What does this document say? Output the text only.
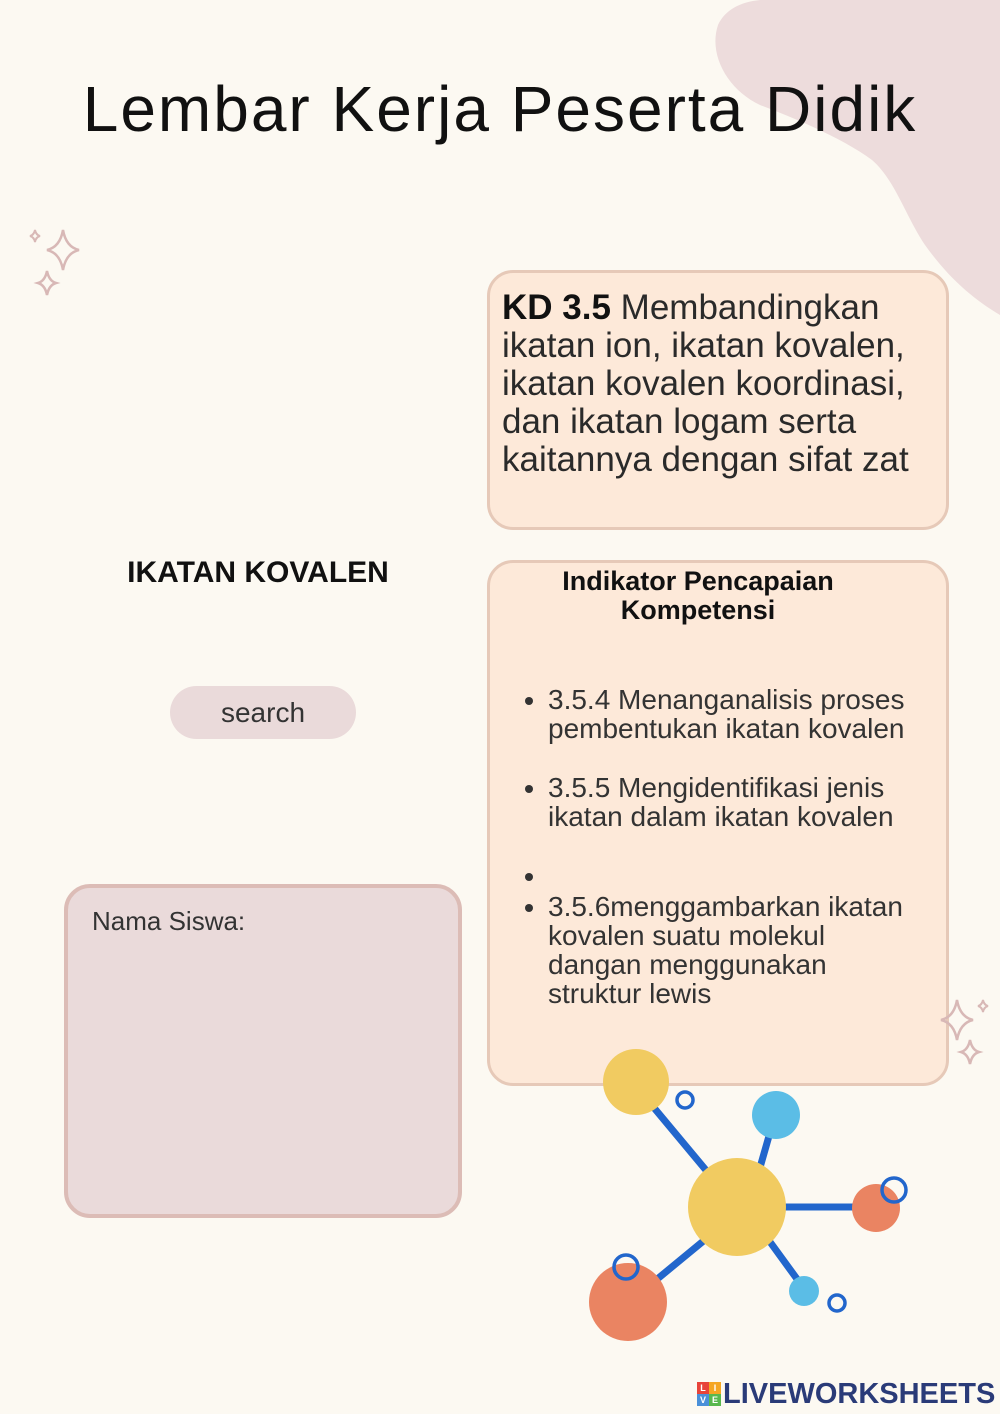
Lembar Kerja Peserta Didik
KD 3.5 Membandingkan ikatan ion, ikatan kovalen, ikatan kovalen koordinasi, dan ikatan logam serta kaitannya dengan sifat zat
IKATAN KOVALEN
search
Nama Siswa:
Indikator Pencapaian Kompetensi
• 3.5.4 Menanganalisis proses pembentukan ikatan kovalen
• 3.5.5 Mengidentifikasi jenis ikatan dalam ikatan kovalen
•
• 3.5.6menggambarkan ikatan kovalen suatu molekul dangan menggunakan struktur lewis
L I
V E LIVEWORKSHEETS
